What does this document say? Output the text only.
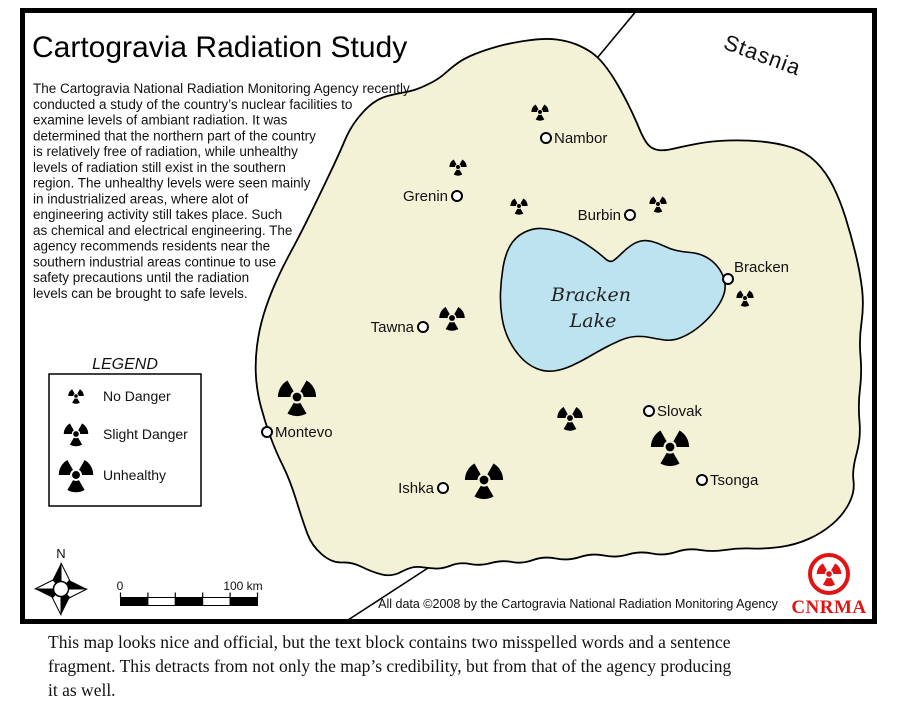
Bracken
Lake
Stasnia
Nambor
Grenin
Burbin
Bracken
Tawna
Montevo
Slovak
Ishka	Tsonga
Cartogravia Radiation Study
The Cartogravia National Radiation Monitoring Agency recently
conducted a study of the country’s nuclear facilities to
examine levels of ambiant radiation. It was
determined that the northern part of the country
is relatively free of radiation, while unhealthy
levels of radiation still exist in the southern
region. The unhealthy levels were seen mainly
in industrialized areas, where alot of
engineering activity still takes place. Such
as chemical and electrical engineering. The
agency recommends residents near the
southern industrial areas continue to use
safety precautions until the radiation
levels can be brought to safe levels.
LEGEND
No Danger
Slight Danger
Unhealthy
N
0	100 km
All data ©2008 by the Cartogravia National Radiation Monitoring Agency CNRMA
This map looks nice and official, but the text block contains two misspelled words and a sentence
fragment. This detracts from not only the map’s credibility, but from that of the agency producing
it as well.
